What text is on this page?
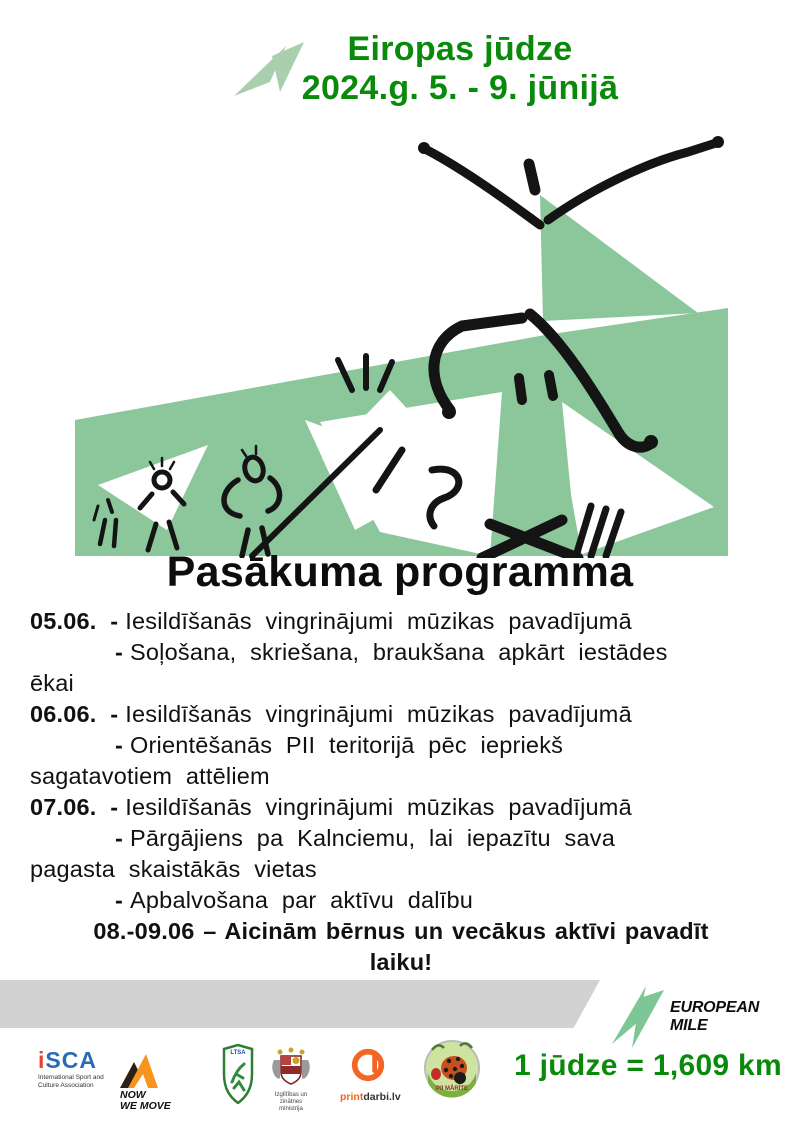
Eiropas jūdze
2024.g. 5. - 9. jūnijā
Pasākuma programma
05.06. - Iesildīšanās vingrinājumi mūzikas pavadījumā
- Soļošana, skriešana, braukšana apkārt iestādes
ēkai
06.06. - Iesildīšanās vingrinājumi mūzikas pavadījumā
- Orientēšanās PII teritorijā pēc iepriekš
sagatavotiem attēliem
07.06. - Iesildīšanās vingrinājumi mūzikas pavadījumā
- Pārgājiens pa Kalnciemu, lai iepazītu sava
pagasta skaistākās vietas
- Apbalvošana par aktīvu dalību
08.-09.06 – Aicinām bērnus un vecākus aktīvi pavadīt
laiku!
EUROPEAN MILE
iSCA
International Sport and
Culture Association
NOW
WE MOVE
LTSA
Izglītības un zinātnes
ministrija
printdarbi.lv
PII MĀRĪTE
1 jūdze = 1,609 km
